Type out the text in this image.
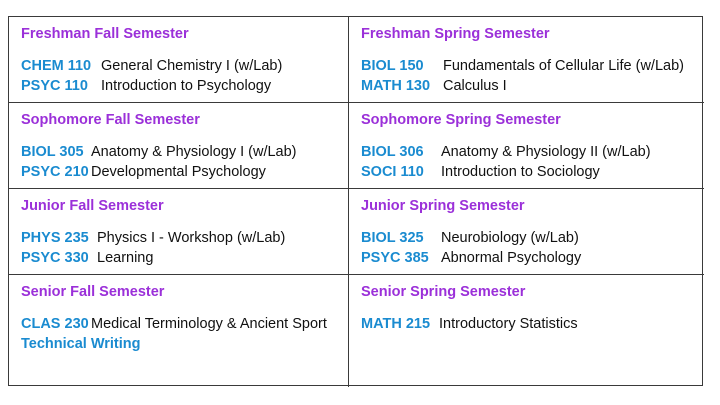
Freshman Fall Semester
CHEM 110 General Chemistry I (w/Lab)
PSYC 110 Introduction to Psychology
Freshman Spring Semester
BIOL 150	Fundamentals of Cellular Life (w/Lab)
MATH 130 Calculus I
Sophomore Fall Semester
BIOL 305 Anatomy & Physiology I (w/Lab)
PSYC 210 Developmental Psychology
Sophomore Spring Semester
BIOL 306	Anatomy & Physiology II (w/Lab)
SOCI 110	Introduction to Sociology
Junior Fall Semester
PHYS 235 Physics I - Workshop (w/Lab)
PSYC 330 Learning
Junior Spring Semester
BIOL 325	Neurobiology (w/Lab)
PSYC 385 Abnormal Psychology
Senior Fall Semester
CLAS 230 Medical Terminology & Ancient Sport
Technical Writing
Senior Spring Semester
MATH 215 Introductory Statistics
